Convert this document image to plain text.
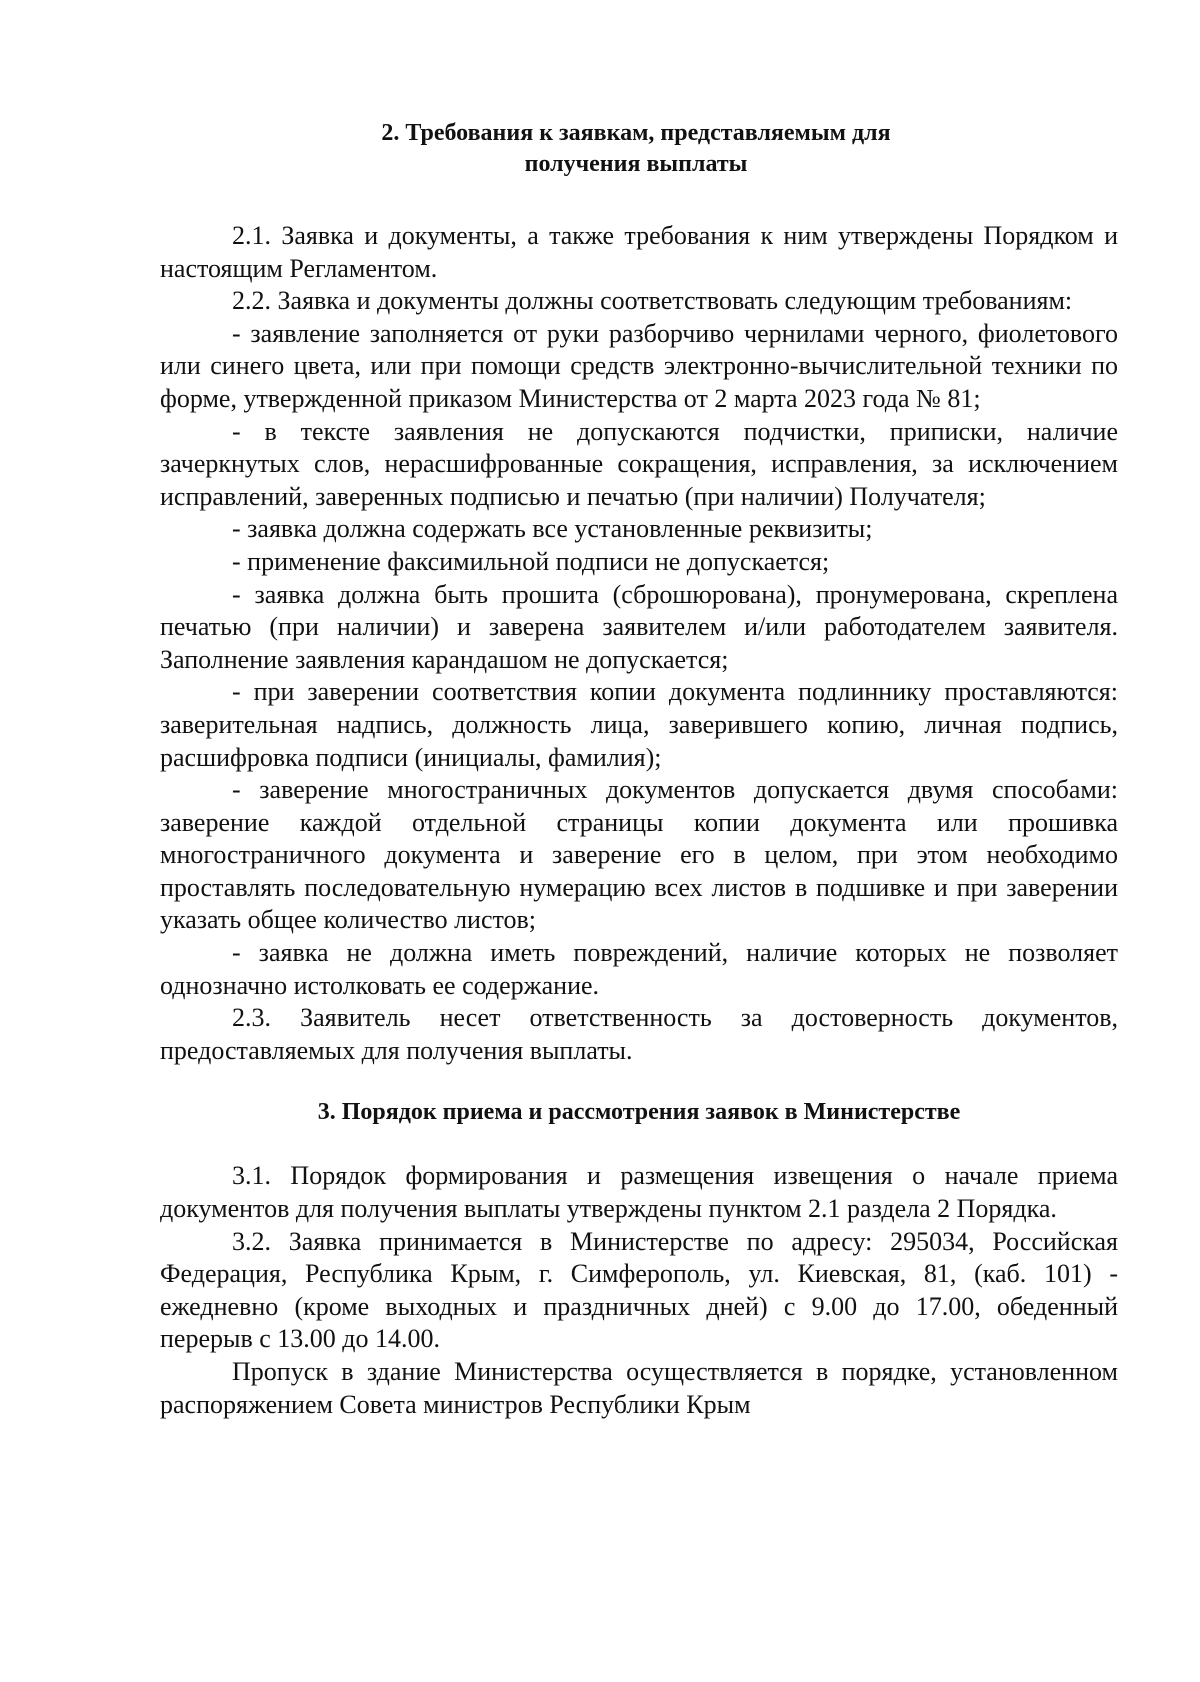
2. Требования к заявкам, представляемым для
получения выплаты

2.1. Заявка и документы, а также требования к ним утверждены Порядком и настоящим Регламентом.

2.2. Заявка и документы должны соответствовать следующим требованиям:

- заявление заполняется от руки разборчиво чернилами черного, фиолетового или синего цвета, или при помощи средств электронно-вычислительной техники по форме, утвержденной приказом Министерства от 2 марта 2023 года № 81;

- в тексте заявления не допускаются подчистки, приписки, наличие зачеркнутых слов, нерасшифрованные сокращения, исправления, за исключением исправлений, заверенных подписью и печатью (при наличии) Получателя;

- заявка должна содержать все установленные реквизиты;

- применение факсимильной подписи не допускается;

- заявка должна быть прошита (сброшюрована), пронумерована, скреплена печатью (при наличии) и заверена заявителем и/или работодателем заявителя. Заполнение заявления карандашом не допускается;

- при заверении соответствия копии документа подлиннику проставляются: заверительная надпись, должность лица, заверившего копию, личная подпись, расшифровка подписи (инициалы, фамилия);

- заверение многостраничных документов допускается двумя способами: заверение каждой отдельной страницы копии документа или прошивка многостраничного документа и заверение его в целом, при этом необходимо проставлять последовательную нумерацию всех листов в подшивке и при заверении указать общее количество листов;

- заявка не должна иметь повреждений, наличие которых не позволяет однозначно истолковать ее содержание.

2.3. Заявитель несет ответственность за достоверность документов, предоставляемых для получения выплаты.

3. Порядок приема и рассмотрения заявок в Министерстве

3.1. Порядок формирования и размещения извещения о начале приема документов для получения выплаты утверждены пунктом 2.1 раздела 2 Порядка.

3.2. Заявка принимается в Министерстве по адресу: 295034, Российская Федерация, Республика Крым, г. Симферополь, ул. Киевская, 81, (каб. 101) - ежедневно (кроме выходных и праздничных дней) с 9.00 до 17.00, обеденный перерыв с 13.00 до 14.00.

Пропуск в здание Министерства осуществляется в порядке, установленном распоряжением Совета министров Республики Крым
